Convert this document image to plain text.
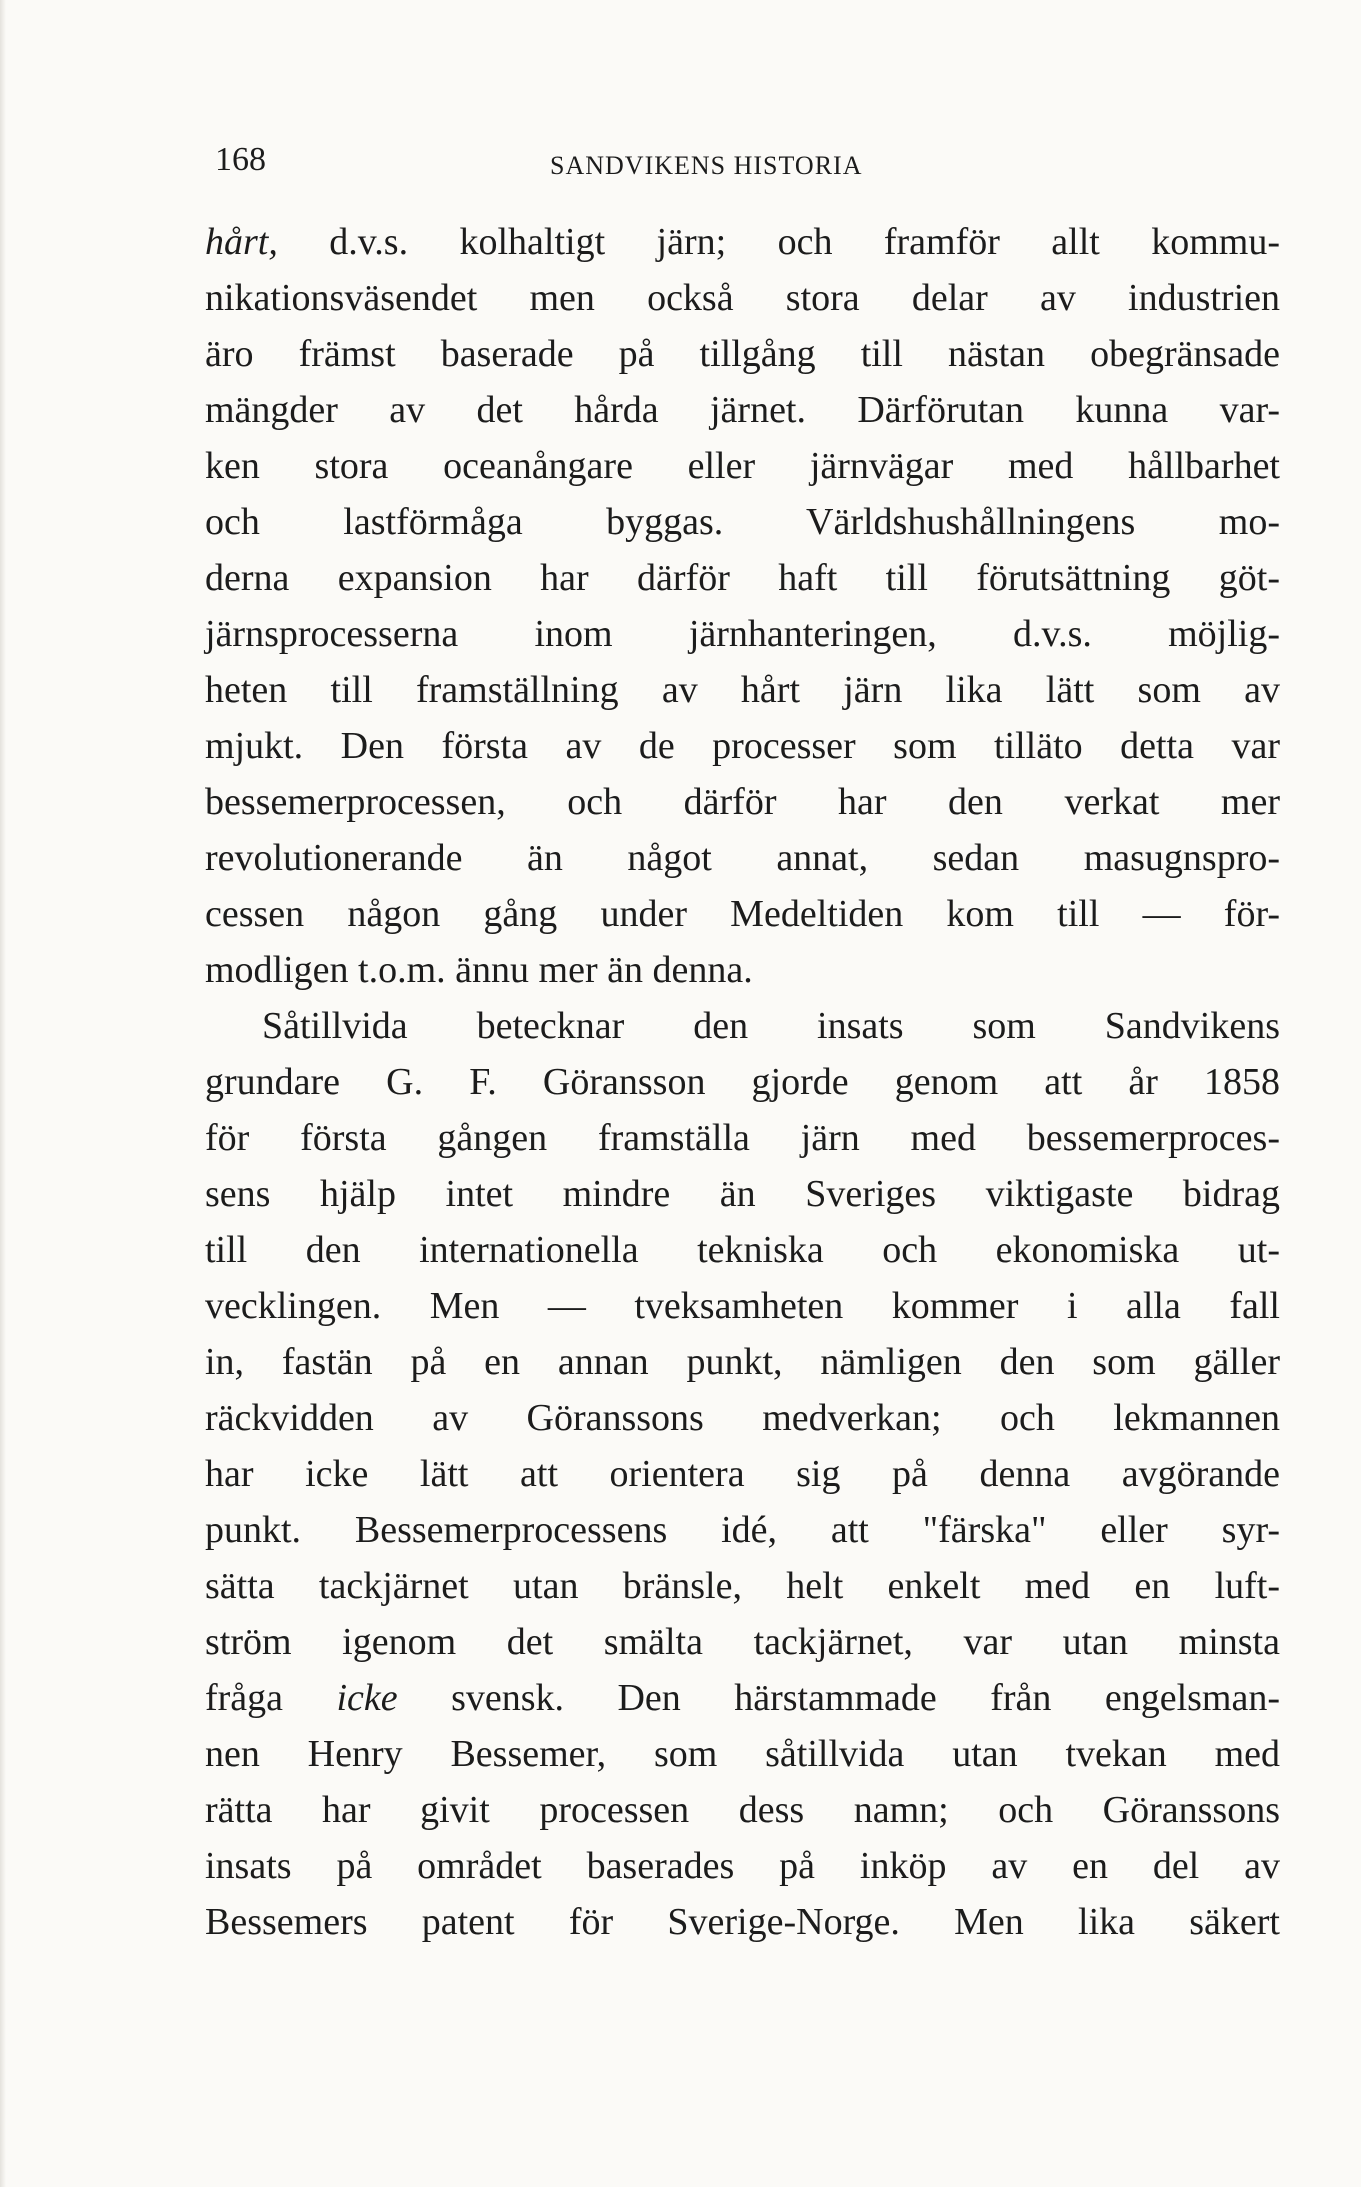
168	SANDVIKENS HISTORIA
hårt, d.v.s. kolhaltigt järn; och framför allt kommu-
nikationsväsendet men också stora delar av industrien
äro främst baserade på tillgång till nästan obegränsade
mängder av det hårda järnet. Därförutan kunna var-
ken stora oceanångare eller järnvägar med hållbarhet
och lastförmåga byggas. Världshushållningens mo-
derna expansion har därför haft till förutsättning göt-
järnsprocesserna inom järnhanteringen, d.v.s. möjlig-
heten till framställning av hårt järn lika lätt som av
mjukt. Den första av de processer som tilläto detta var
bessemerprocessen, och därför har den verkat mer
revolutionerande än något annat, sedan masugnspro-
cessen någon gång under Medeltiden kom till — för-
modligen t.o.m. ännu mer än denna.
Såtillvida betecknar den insats som Sandvikens
grundare G. F. Göransson gjorde genom att år 1858
för första gången framställa järn med bessemerproces-
sens hjälp intet mindre än Sveriges viktigaste bidrag
till den internationella tekniska och ekonomiska ut-
vecklingen. Men — tveksamheten kommer i alla fall
in, fastän på en annan punkt, nämligen den som gäller
räckvidden av Göranssons medverkan; och lekmannen
har icke lätt att orientera sig på denna avgörande
punkt. Bessemerprocessens idé, att "färska" eller syr-
sätta tackjärnet utan bränsle, helt enkelt med en luft-
ström igenom det smälta tackjärnet, var utan minsta
fråga icke svensk. Den härstammade från engelsman-
nen Henry Bessemer, som såtillvida utan tvekan med
rätta har givit processen dess namn; och Göranssons
insats på området baserades på inköp av en del av
Bessemers patent för Sverige-Norge. Men lika säkert
